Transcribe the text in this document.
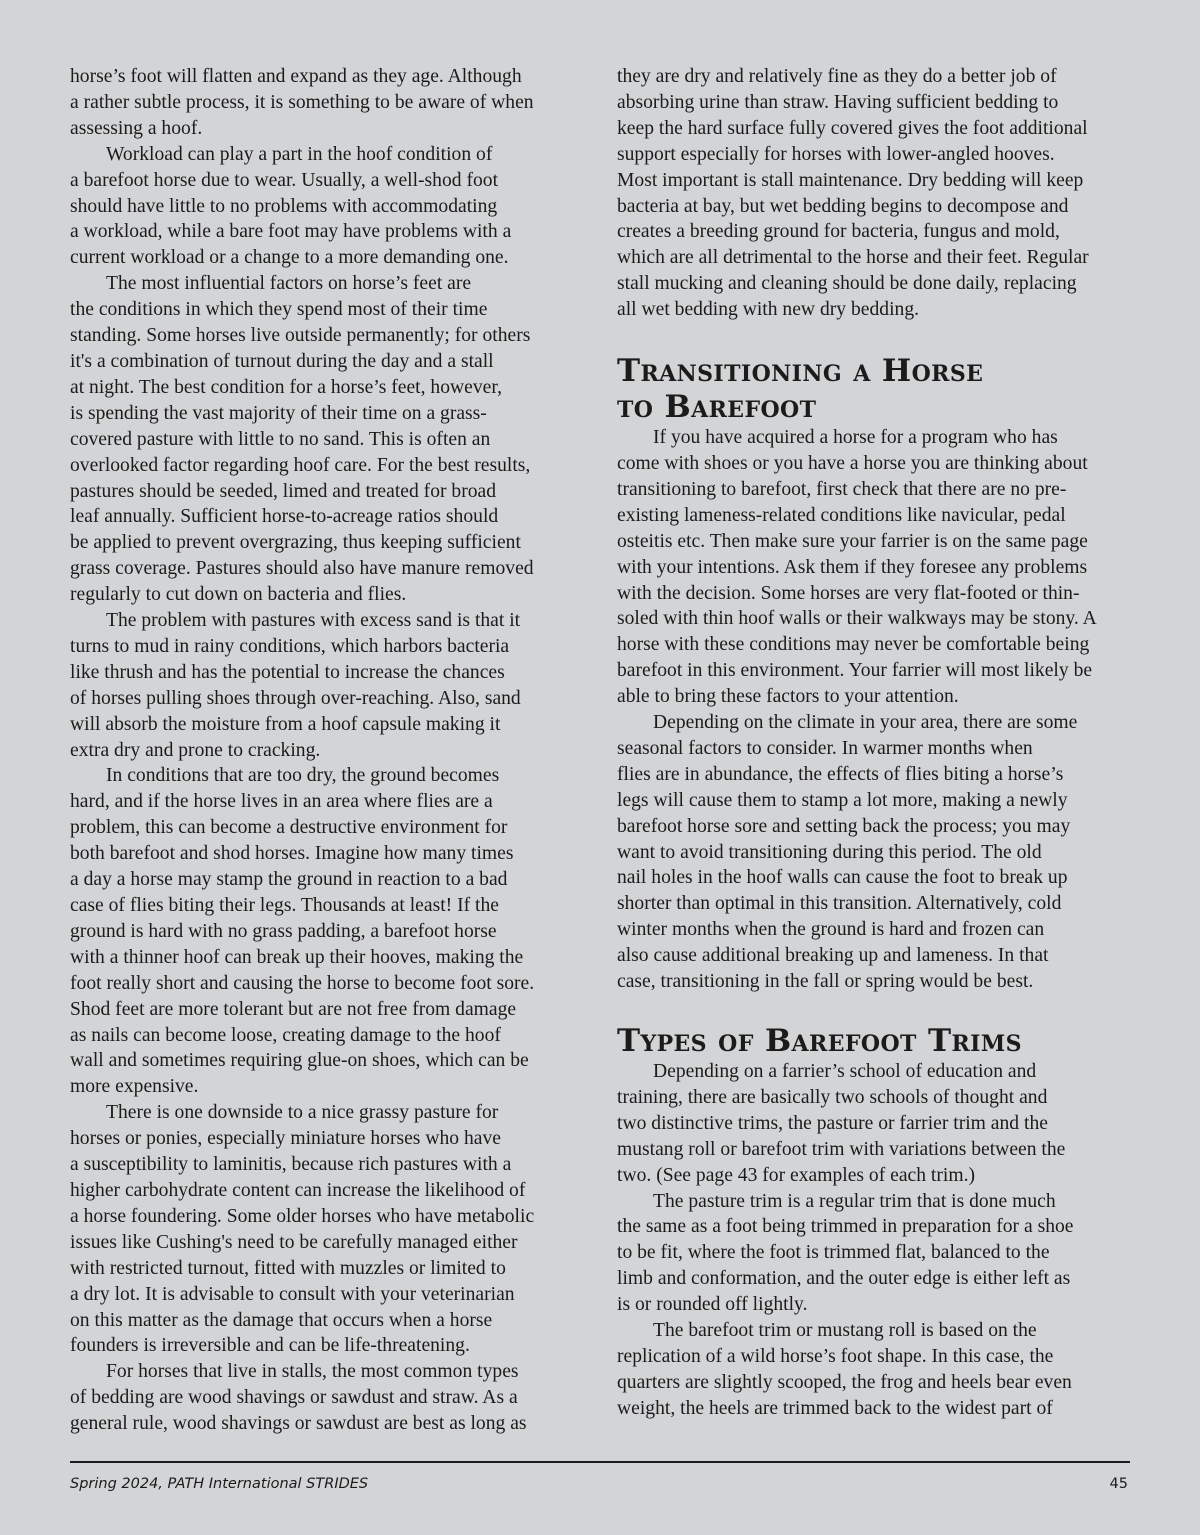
horse’s foot will flatten and expand as they age. Although
a rather subtle process, it is something to be aware of when
assessing a hoof.
Workload can play a part in the hoof condition of
a barefoot horse due to wear. Usually, a well-shod foot
should have little to no problems with accommodating
a workload, while a bare foot may have problems with a
current workload or a change to a more demanding one.
The most influential factors on horse’s feet are
the conditions in which they spend most of their time
standing. Some horses live outside permanently; for others
it's a combination of turnout during the day and a stall
at night. The best condition for a horse’s feet, however,
is spending the vast majority of their time on a grass-
covered pasture with little to no sand. This is often an
overlooked factor regarding hoof care. For the best results,
pastures should be seeded, limed and treated for broad
leaf annually. Sufficient horse-to-acreage ratios should
be applied to prevent overgrazing, thus keeping sufficient
grass coverage. Pastures should also have manure removed
regularly to cut down on bacteria and flies.
The problem with pastures with excess sand is that it
turns to mud in rainy conditions, which harbors bacteria
like thrush and has the potential to increase the chances
of horses pulling shoes through over-reaching. Also, sand
will absorb the moisture from a hoof capsule making it
extra dry and prone to cracking.
In conditions that are too dry, the ground becomes
hard, and if the horse lives in an area where flies are a
problem, this can become a destructive environment for
both barefoot and shod horses. Imagine how many times
a day a horse may stamp the ground in reaction to a bad
case of flies biting their legs. Thousands at least! If the
ground is hard with no grass padding, a barefoot horse
with a thinner hoof can break up their hooves, making the
foot really short and causing the horse to become foot sore.
Shod feet are more tolerant but are not free from damage
as nails can become loose, creating damage to the hoof
wall and sometimes requiring glue-on shoes, which can be
more expensive.
There is one downside to a nice grassy pasture for
horses or ponies, especially miniature horses who have
a susceptibility to laminitis, because rich pastures with a
higher carbohydrate content can increase the likelihood of
a horse foundering. Some older horses who have metabolic
issues like Cushing's need to be carefully managed either
with restricted turnout, fitted with muzzles or limited to
a dry lot. It is advisable to consult with your veterinarian
on this matter as the damage that occurs when a horse
founders is irreversible and can be life-threatening.
For horses that live in stalls, the most common types
of bedding are wood shavings or sawdust and straw. As a
general rule, wood shavings or sawdust are best as long as
they are dry and relatively fine as they do a better job of
absorbing urine than straw. Having sufficient bedding to
keep the hard surface fully covered gives the foot additional
support especially for horses with lower-angled hooves.
Most important is stall maintenance. Dry bedding will keep
bacteria at bay, but wet bedding begins to decompose and
creates a breeding ground for bacteria, fungus and mold,
which are all detrimental to the horse and their feet. Regular
stall mucking and cleaning should be done daily, replacing
all wet bedding with new dry bedding.
Transitioning a Horse
to Barefoot
If you have acquired a horse for a program who has
come with shoes or you have a horse you are thinking about
transitioning to barefoot, first check that there are no pre-
existing lameness-related conditions like navicular, pedal
osteitis etc. Then make sure your farrier is on the same page
with your intentions. Ask them if they foresee any problems
with the decision. Some horses are very flat-footed or thin-
soled with thin hoof walls or their walkways may be stony. A
horse with these conditions may never be comfortable being
barefoot in this environment. Your farrier will most likely be
able to bring these factors to your attention.
Depending on the climate in your area, there are some
seasonal factors to consider. In warmer months when
flies are in abundance, the effects of flies biting a horse’s
legs will cause them to stamp a lot more, making a newly
barefoot horse sore and setting back the process; you may
want to avoid transitioning during this period. The old
nail holes in the hoof walls can cause the foot to break up
shorter than optimal in this transition. Alternatively, cold
winter months when the ground is hard and frozen can
also cause additional breaking up and lameness. In that
case, transitioning in the fall or spring would be best.
Types of Barefoot Trims
Depending on a farrier’s school of education and
training, there are basically two schools of thought and
two distinctive trims, the pasture or farrier trim and the
mustang roll or barefoot trim with variations between the
two. (See page 43 for examples of each trim.)
The pasture trim is a regular trim that is done much
the same as a foot being trimmed in preparation for a shoe
to be fit, where the foot is trimmed flat, balanced to the
limb and conformation, and the outer edge is either left as
is or rounded off lightly.
The barefoot trim or mustang roll is based on the
replication of a wild horse’s foot shape. In this case, the
quarters are slightly scooped, the frog and heels bear even
weight, the heels are trimmed back to the widest part of
Spring 2024, PATH International STRIDES	45
